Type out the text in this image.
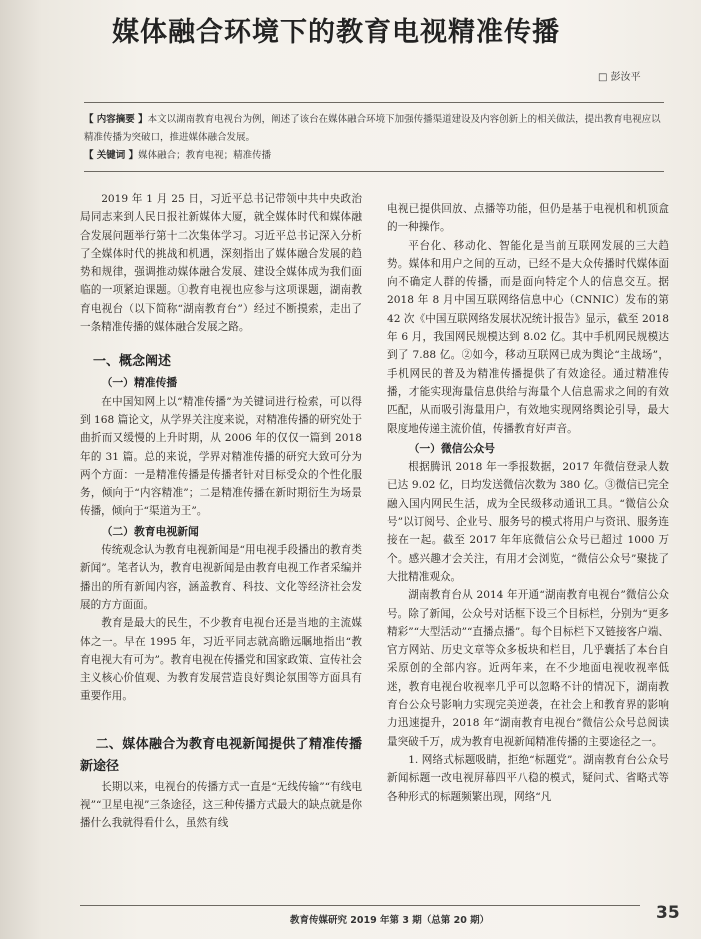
媒体融合环境下的教育电视精准传播
□ 彭汝平
【 内容摘要 】本文以湖南教育电视台为例，阐述了该台在媒体融合环境下加强传播渠道建设及内容创新上的相关做法，提出教育电视应以精准传播为突破口，推进媒体融合发展。
【 关键词 】媒体融合；教育电视；精准传播

2019 年 1 月 25 日，习近平总书记带领中共中央政治局同志来到人民日报社新媒体大厦，就全媒体时代和媒体融合发展问题举行第十二次集体学习。习近平总书记深入分析了全媒体时代的挑战和机遇，深刻指出了媒体融合发展的趋势和规律，强调推动媒体融合发展、建设全媒体成为我们面临的一项紧迫课题。①教育电视也应参与这项课题，湖南教育电视台（以下简称“湖南教育台”）经过不断摸索，走出了一条精准传播的媒体融合发展之路。

一、概念阐述
（一）精准传播

在中国知网上以“精准传播”为关键词进行检索，可以得到 168 篇论文，从学界关注度来说，对精准传播的研究处于曲折而又缓慢的上升时期，从 2006 年的仅仅一篇到 2018 年的 31 篇。总的来说，学界对精准传播的研究大致可分为两个方面：一是精准传播是传播者针对目标受众的个性化服务，倾向于“内容精准”；二是精准传播在新时期衍生为场景传播，倾向于“渠道为王”。

（二）教育电视新闻

传统观念认为教育电视新闻是“用电视手段播出的教育类新闻”。笔者认为，教育电视新闻是由教育电视工作者采编并播出的所有新闻内容，涵盖教育、科技、文化等经济社会发展的方方面面。

教育是最大的民生，不少教育电视台还是当地的主流媒体之一。早在 1995 年，习近平同志就高瞻远瞩地指出“教育电视大有可为”。教育电视在传播党和国家政策、宣传社会主义核心价值观、为教育发展营造良好舆论氛围等方面具有重要作用。

二、媒体融合为教育电视新闻提供了精准传播新途径

长期以来，电视台的传播方式一直是“无线传输”“有线电视”“卫星电视”三条途径，这三种传播方式最大的缺点就是你播什么我就得看什么，虽然有线

电视已提供回放、点播等功能，但仍是基于电视机和机顶盒的一种操作。

平台化、移动化、智能化是当前互联网发展的三大趋势。媒体和用户之间的互动，已经不是大众传播时代媒体面向不确定人群的传播，而是面向特定个人的信息交互。据 2018 年 8 月中国互联网络信息中心（CNNIC）发布的第 42 次《中国互联网络发展状况统计报告》显示，截至 2018 年 6 月，我国网民规模达到 8.02 亿。其中手机网民规模达到了 7.88 亿。②如今，移动互联网已成为舆论“主战场”，手机网民的普及为精准传播提供了有效途径。通过精准传播，才能实现海量信息供给与海量个人信息需求之间的有效匹配，从而吸引海量用户，有效地实现网络舆论引导，最大限度地传递主流价值，传播教育好声音。

（一）微信公众号

根据腾讯 2018 年一季报数据，2017 年微信登录人数已达 9.02 亿，日均发送微信次数为 380 亿。③微信已完全融入国内网民生活，成为全民级移动通讯工具。“微信公众号”以订阅号、企业号、服务号的模式将用户与资讯、服务连接在一起。截至 2017 年年底微信公众号已超过 1000 万个。感兴趣才会关注，有用才会浏览，“微信公众号”聚拢了大批精准观众。

湖南教育台从 2014 年开通“湖南教育电视台”微信公众号。除了新闻，公众号对话框下设三个目标栏，分别为“更多精彩”“大型活动”“直播点播”。每个目标栏下又链接客户端、官方网站、历史文章等众多板块和栏目，几乎囊括了本台自采原创的全部内容。近两年来，在不少地面电视收视率低迷，教育电视台收视率几乎可以忽略不计的情况下，湖南教育台公众号影响力实现完美逆袭，在社会上和教育界的影响力迅速提升，2018 年“湖南教育电视台”微信公众号总阅读量突破千万，成为教育电视新闻精准传播的主要途径之一。

1. 网络式标题吸睛，拒绝“标题党”。湖南教育台公众号新闻标题一改电视屏幕四平八稳的模式，疑问式、省略式等各种形式的标题频繁出现，网络“凡

教育传媒研究 2019 年第 3 期（总第 20 期）	35
